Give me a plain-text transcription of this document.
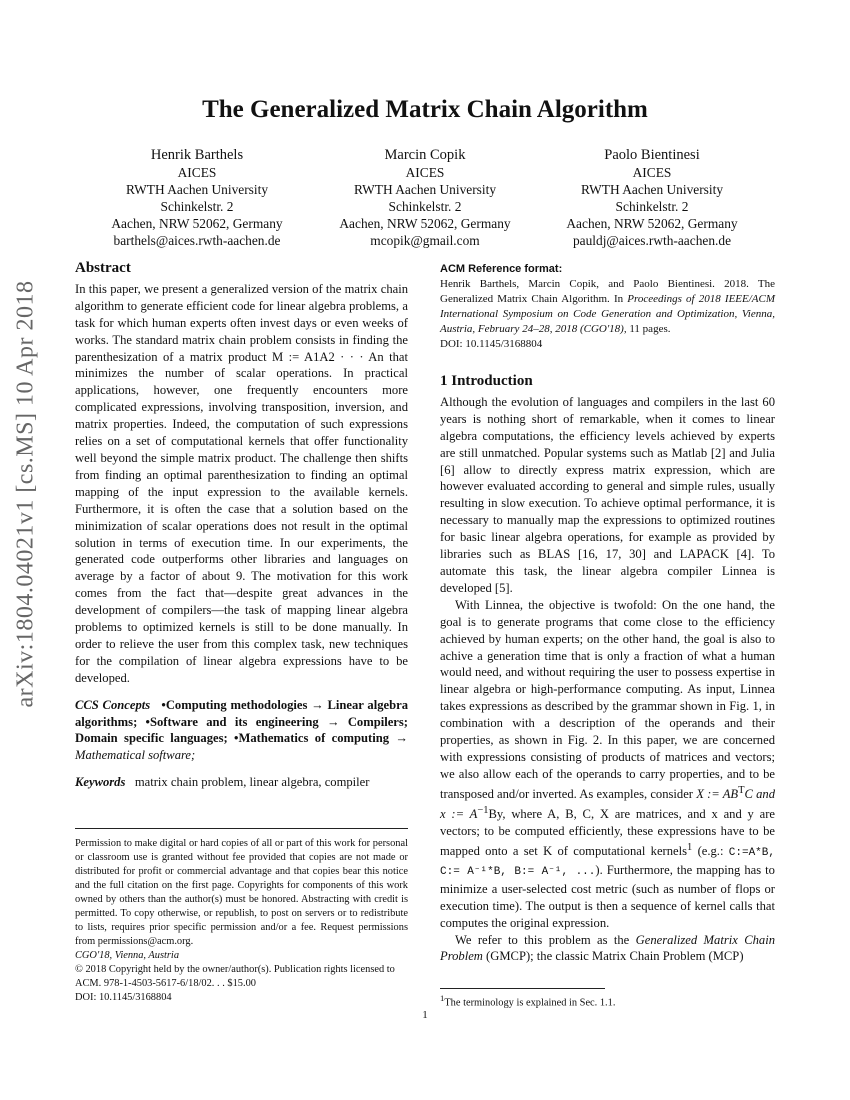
arXiv:1804.04021v1 [cs.MS] 10 Apr 2018
The Generalized Matrix Chain Algorithm
Henrik Barthels
AICES
RWTH Aachen University
Schinkelstr. 2
Aachen, NRW 52062, Germany
barthels@aices.rwth-aachen.de
Marcin Copik
AICES
RWTH Aachen University
Schinkelstr. 2
Aachen, NRW 52062, Germany
mcopik@gmail.com
Paolo Bientinesi
AICES
RWTH Aachen University
Schinkelstr. 2
Aachen, NRW 52062, Germany
pauldj@aices.rwth-aachen.de
Abstract

In this paper, we present a generalized version of the matrix chain algorithm to generate efficient code for linear algebra problems, a task for which human experts often invest days or even weeks of works. The standard matrix chain problem consists in finding the parenthesization of a matrix product M := A1A2 · · · An that minimizes the number of scalar operations. In practical applications, however, one frequently encounters more complicated expressions, involving transposition, inversion, and matrix properties. Indeed, the computation of such expressions relies on a set of computational kernels that offer functionality well beyond the simple matrix product. The challenge then shifts from finding an optimal parenthesization to finding an optimal mapping of the input expression to the available kernels. Furthermore, it is often the case that a solution based on the minimization of scalar operations does not result in the optimal solution in terms of execution time. In our experiments, the generated code outperforms other libraries and languages on average by a factor of about 9. The motivation for this work comes from the fact that—despite great advances in the development of compilers—the task of mapping linear algebra problems to optimized kernels is still to be done manually. In order to relieve the user from this complex task, new techniques for the compilation of linear algebra expressions have to be developed.

CCS Concepts •Computing methodologies → Linear algebra algorithms; •Software and its engineering → Compilers; Domain specific languages; •Mathematics of computing → Mathematical software;

Keywords matrix chain problem, linear algebra, compiler

Permission to make digital or hard copies of all or part of this work for personal or classroom use is granted without fee provided that copies are not made or distributed for profit or commercial advantage and that copies bear this notice and the full citation on the first page. Copyrights for components of this work owned by others than the author(s) must be honored. Abstracting with credit is permitted. To copy otherwise, or republish, to post on servers or to redistribute to lists, requires prior specific permission and/or a fee. Request permissions from permissions@acm.org.
CGO'18, Vienna, Austria
© 2018 Copyright held by the owner/author(s). Publication rights licensed to ACM. 978-1-4503-5617-6/18/02. . . $15.00
DOI: 10.1145/3168804
ACM Reference format:

Henrik Barthels, Marcin Copik, and Paolo Bientinesi. 2018. The Generalized Matrix Chain Algorithm. In Proceedings of 2018 IEEE/ACM International Symposium on Code Generation and Optimization, Vienna, Austria, February 24–28, 2018 (CGO'18), 11 pages.

DOI: 10.1145/3168804
1 Introduction

Although the evolution of languages and compilers in the last 60 years is nothing short of remarkable, when it comes to linear algebra computations, the efficiency levels achieved by experts are still unmatched. Popular systems such as Matlab [2] and Julia [6] allow to directly express matrix expression, which are however evaluated according to general and simple rules, usually resulting in slow execution. To achieve optimal performance, it is necessary to manually map the expressions to optimized routines for basic linear algebra operations, for example as provided by libraries such as BLAS [16, 17, 30] and LAPACK [4]. To automate this task, the linear algebra compiler Linnea is developed [5].

With Linnea, the objective is twofold: On the one hand, the goal is to generate programs that come close to the efficiency achieved by human experts; on the other hand, the goal is also to achive a generation time that is only a fraction of what a human would need, and without requiring the user to possess expertise in linear algebra or high-performance computing. As input, Linnea takes expressions as described by the grammar shown in Fig. 1, in combination with a description of the operands and their properties, as shown in Fig. 2. In this paper, we are concerned with expressions consisting of products of matrices and vectors; we also allow each of the operands to carry properties, and to be transposed and/or inverted. As examples, consider X := $AB^TC$ and x := $A^{-1}By$, where A, B, C, X are matrices, and x and y are vectors; to be computed efficiently, these expressions have to be mapped onto a set K of computational kernels$^1$ (e.g.: C:=A*B, C:= A⁻¹*B, B:= A⁻¹, ...). Furthermore, the mapping has to minimize a user-selected cost metric (such as number of flops or execution time). The output is then a sequence of kernel calls that computes the original expression.

We refer to this problem as the Generalized Matrix Chain Problem (GMCP); the classic Matrix Chain Problem (MCP)

$^1$The terminology is explained in Sec. 1.1.
1
